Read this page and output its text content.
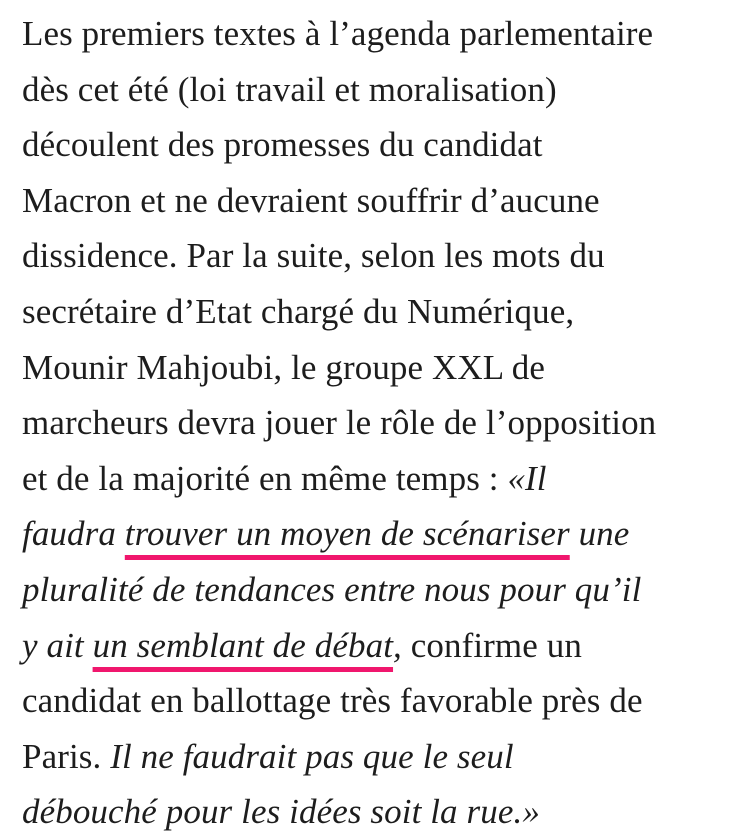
Les premiers textes à l’agenda parlementaire
dès cet été (loi travail et moralisation)
découlent des promesses du candidat
Macron et ne devraient souffrir d’aucune
dissidence. Par la suite, selon les mots du
secrétaire d’Etat chargé du Numérique,
Mounir Mahjoubi, le groupe XXL de
marcheurs devra jouer le rôle de l’opposition
et de la majorité en même temps : «Il
faudra trouver un moyen de scénariser une
pluralité de tendances entre nous pour qu’il
y ait un semblant de débat, confirme un
candidat en ballottage très favorable près de
Paris. Il ne faudrait pas que le seul
débouché pour les idées soit la rue.»
